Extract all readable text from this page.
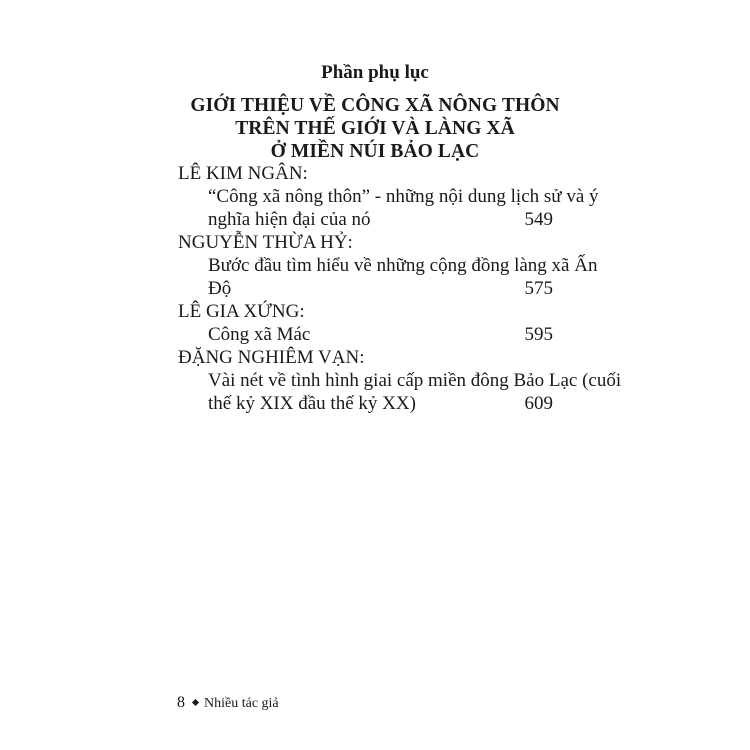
Phần phụ lục
GIỚI THIỆU VỀ CÔNG XÃ NÔNG THÔN
TRÊN THẾ GIỚI VÀ LÀNG XÃ
Ở MIỀN NÚI BẢO LẠC
LÊ KIM NGÂN:
“Công xã nông thôn” - những nội dung lịch sử và ý
nghĩa hiện đại của nó	549
NGUYỄN THỪA HỶ:
Bước đầu tìm hiểu về những cộng đồng làng xã Ấn
Độ	575
LÊ GIA XỨNG:
Công xã Mác	595
ĐẶNG NGHIÊM VẠN:
Vài nét về tình hình giai cấp miền đông Bảo Lạc (cuối
thế kỷ XIX đầu thế kỷ XX)	609
8 Nhiều tác giả
